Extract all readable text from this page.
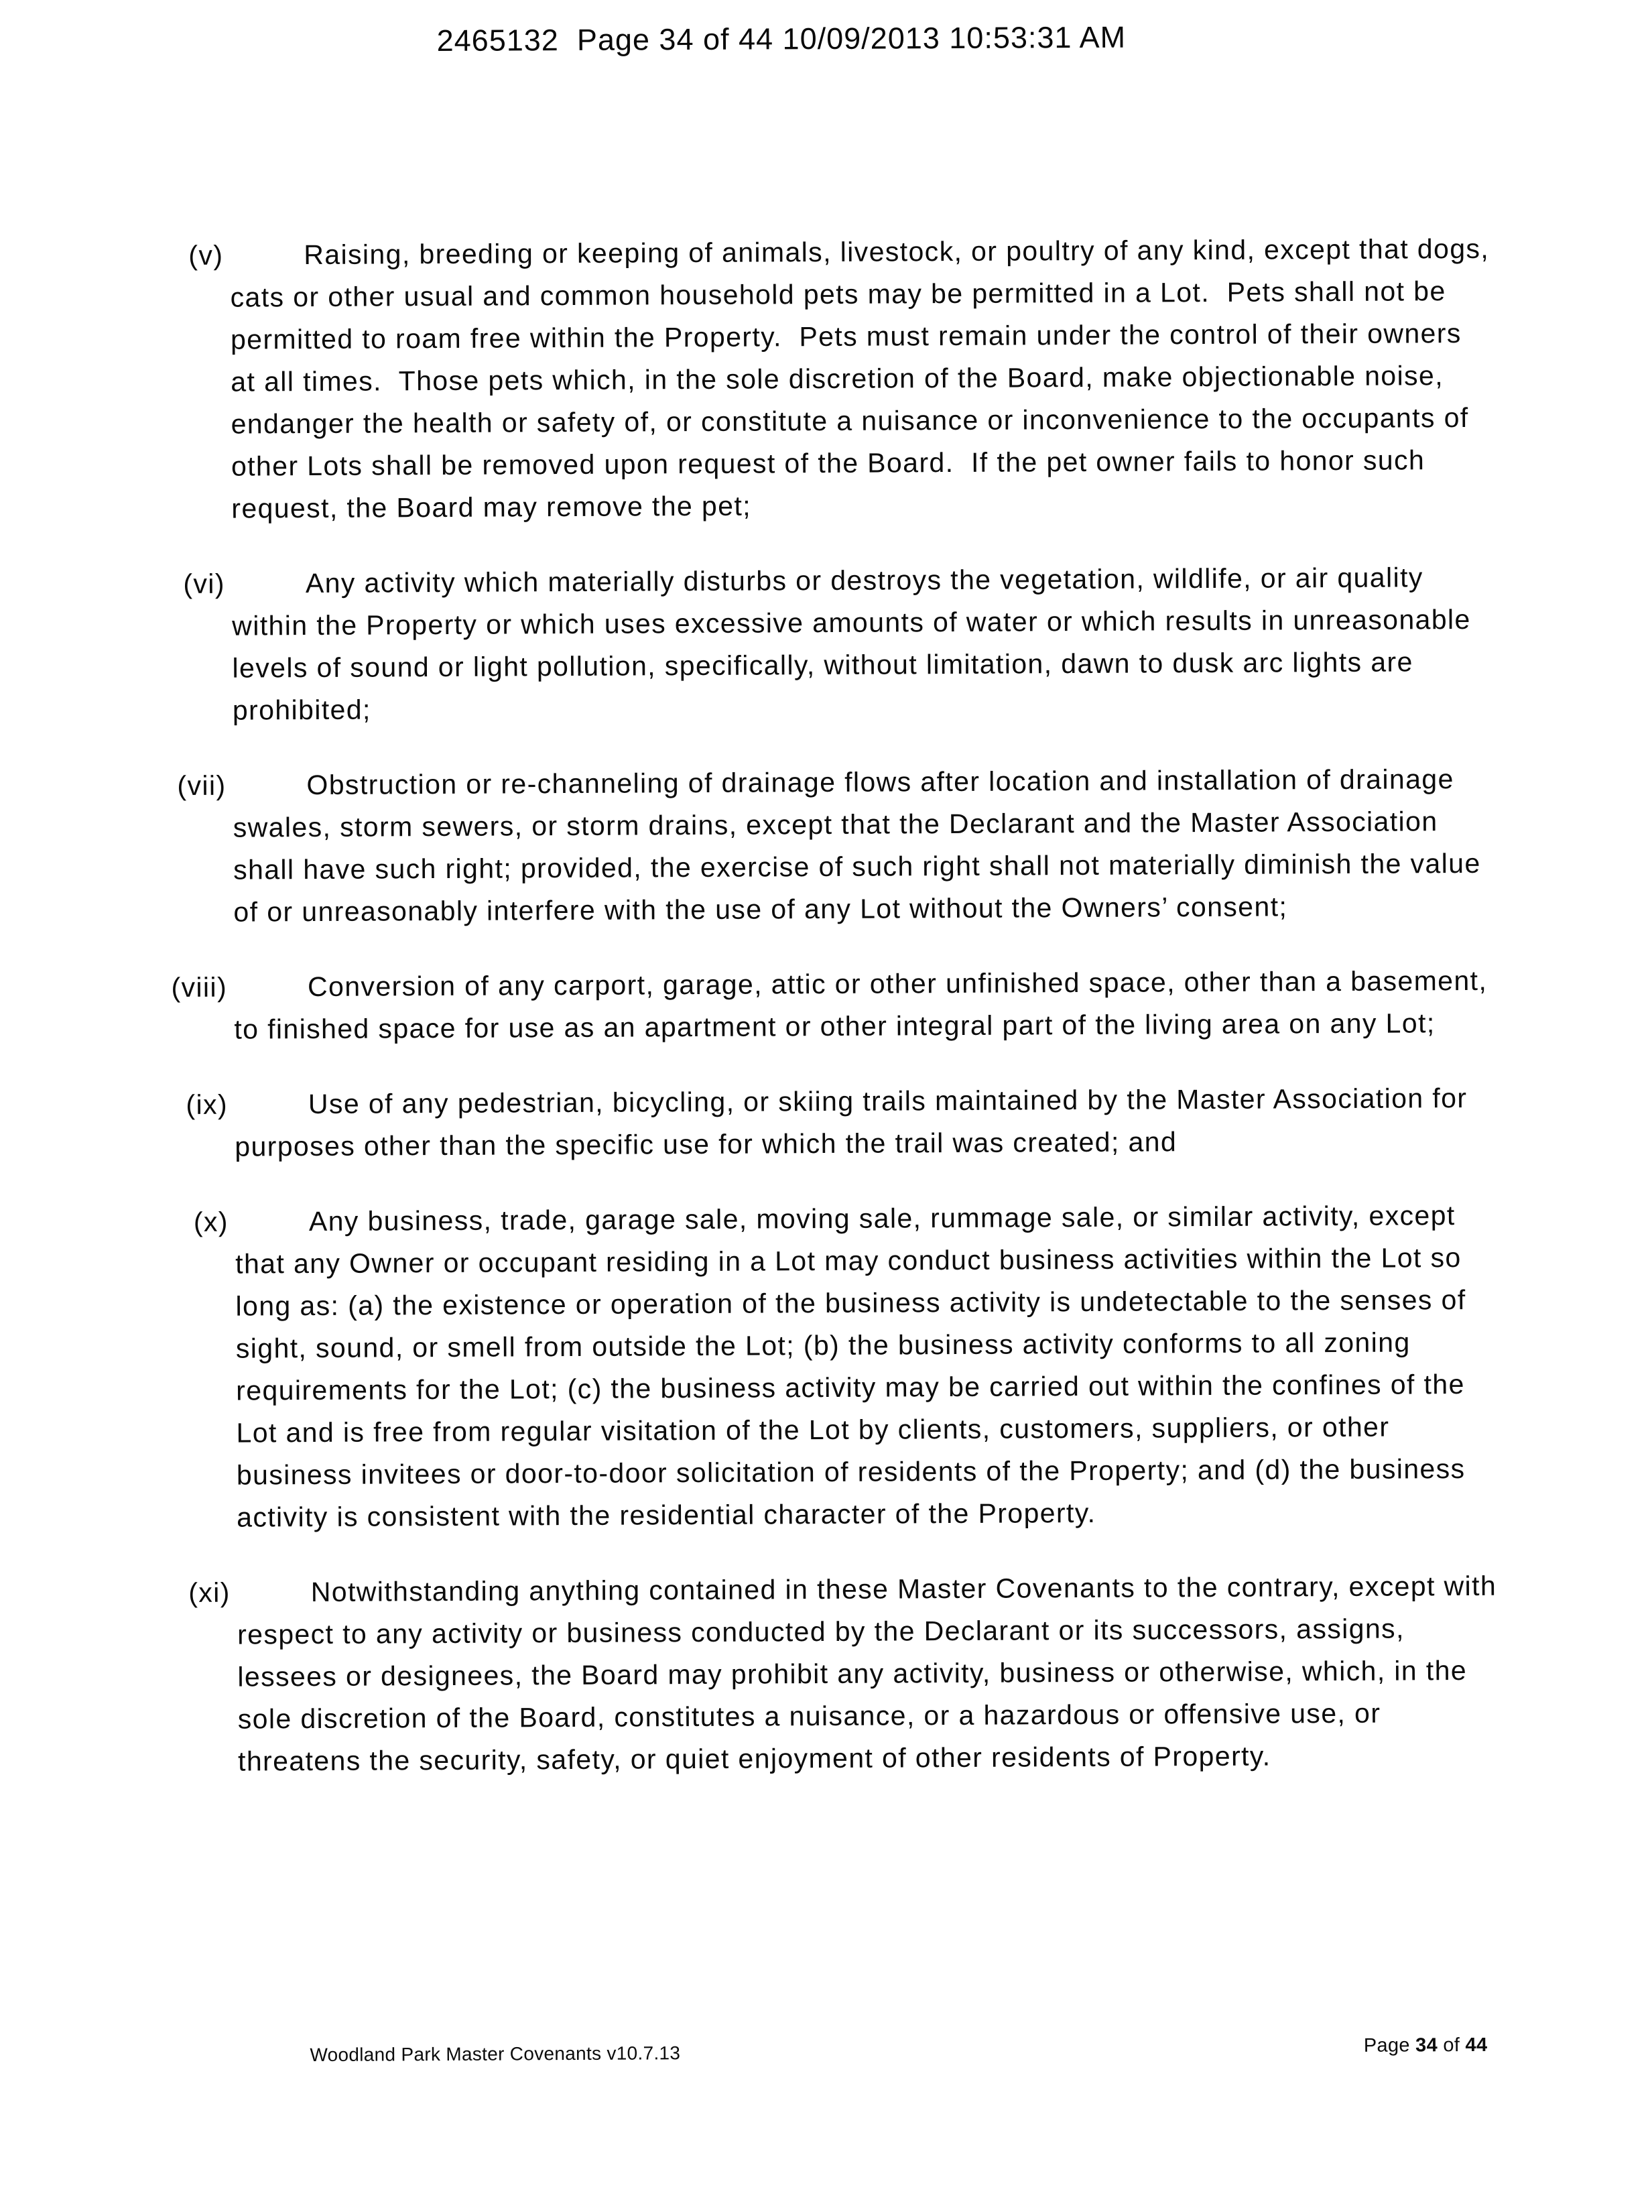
2465132  Page 34 of 44 10/09/2013 10:53:31 AM
(v)	Raising, breeding or keeping of animals, livestock, or poultry of any kind, except that dogs, cats or other usual and common household pets may be permitted in a Lot.  Pets shall not be permitted to roam free within the Property.  Pets must remain under the control of their owners at all times.  Those pets which, in the sole discretion of the Board, make objectionable noise, endanger the health or safety of, or constitute a nuisance or inconvenience to the occupants of other Lots shall be removed upon request of the Board.  If the pet owner fails to honor such request, the Board may remove the pet;
(vi)	Any activity which materially disturbs or destroys the vegetation, wildlife, or air quality within the Property or which uses excessive amounts of water or which results in unreasonable levels of sound or light pollution, specifically, without limitation, dawn to dusk arc lights are prohibited;
(vii)	Obstruction or re-channeling of drainage flows after location and installation of drainage swales, storm sewers, or storm drains, except that the Declarant and the Master Association shall have such right; provided, the exercise of such right shall not materially diminish the value of or unreasonably interfere with the use of any Lot without the Owners’ consent;
(viii)	Conversion of any carport, garage, attic or other unfinished space, other than a basement, to finished space for use as an apartment or other integral part of the living area on any Lot;
(ix)	Use of any pedestrian, bicycling, or skiing trails maintained by the Master Association for purposes other than the specific use for which the trail was created; and
(x)	Any business, trade, garage sale, moving sale, rummage sale, or similar activity, except that any Owner or occupant residing in a Lot may conduct business activities within the Lot so long as: (a) the existence or operation of the business activity is undetectable to the senses of sight, sound, or smell from outside the Lot; (b) the business activity conforms to all zoning requirements for the Lot; (c) the business activity may be carried out within the confines of the Lot and is free from regular visitation of the Lot by clients, customers, suppliers, or other business invitees or door-to-door solicitation of residents of the Property; and (d) the business activity is consistent with the residential character of the Property.
(xi)	Notwithstanding anything contained in these Master Covenants to the contrary, except with respect to any activity or business conducted by the Declarant or its successors, assigns, lessees or designees, the Board may prohibit any activity, business or otherwise, which, in the sole discretion of the Board, constitutes a nuisance, or a hazardous or offensive use, or threatens the security, safety, or quiet enjoyment of other residents of Property.
Woodland Park Master Covenants v10.7.13	Page 34 of 44
